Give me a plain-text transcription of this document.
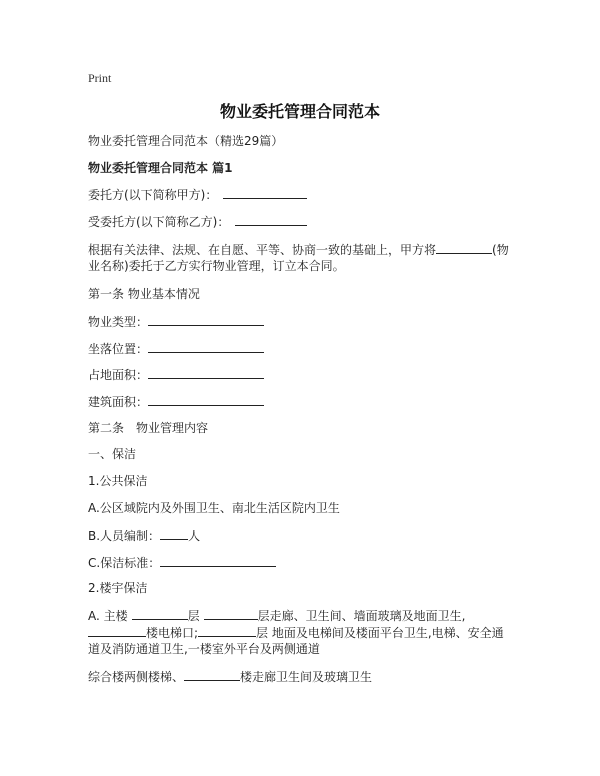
Print
物业委托管理合同范本
物业委托管理合同范本（精选29篇）
物业委托管理合同范本 篇1
委托方(以下简称甲方)：
受委托方(以下简称乙方)：
根据有关法律、法规、在自愿、平等、协商一致的基础上，甲方将	(物
业名称)委托于乙方实行物业管理，订立本合同。
第一条 物业基本情况
物业类型：
坐落位置：
占地面积：
建筑面积：
第二条　物业管理内容
一、保洁
1.公共保洁
A.公区域院内及外围卫生、南北生活区院内卫生
B.人员编制： 人
C.保洁标准：
2.楼宇保洁
A. 主楼	层	层走廊、卫生间、墙面玻璃及地面卫生,
楼电梯口;	层 地面及电梯间及楼面平台卫生,电梯、安全通
道及消防通道卫生,一楼室外平台及两侧通道
综合楼两侧楼梯、	楼走廊卫生间及玻璃卫生
